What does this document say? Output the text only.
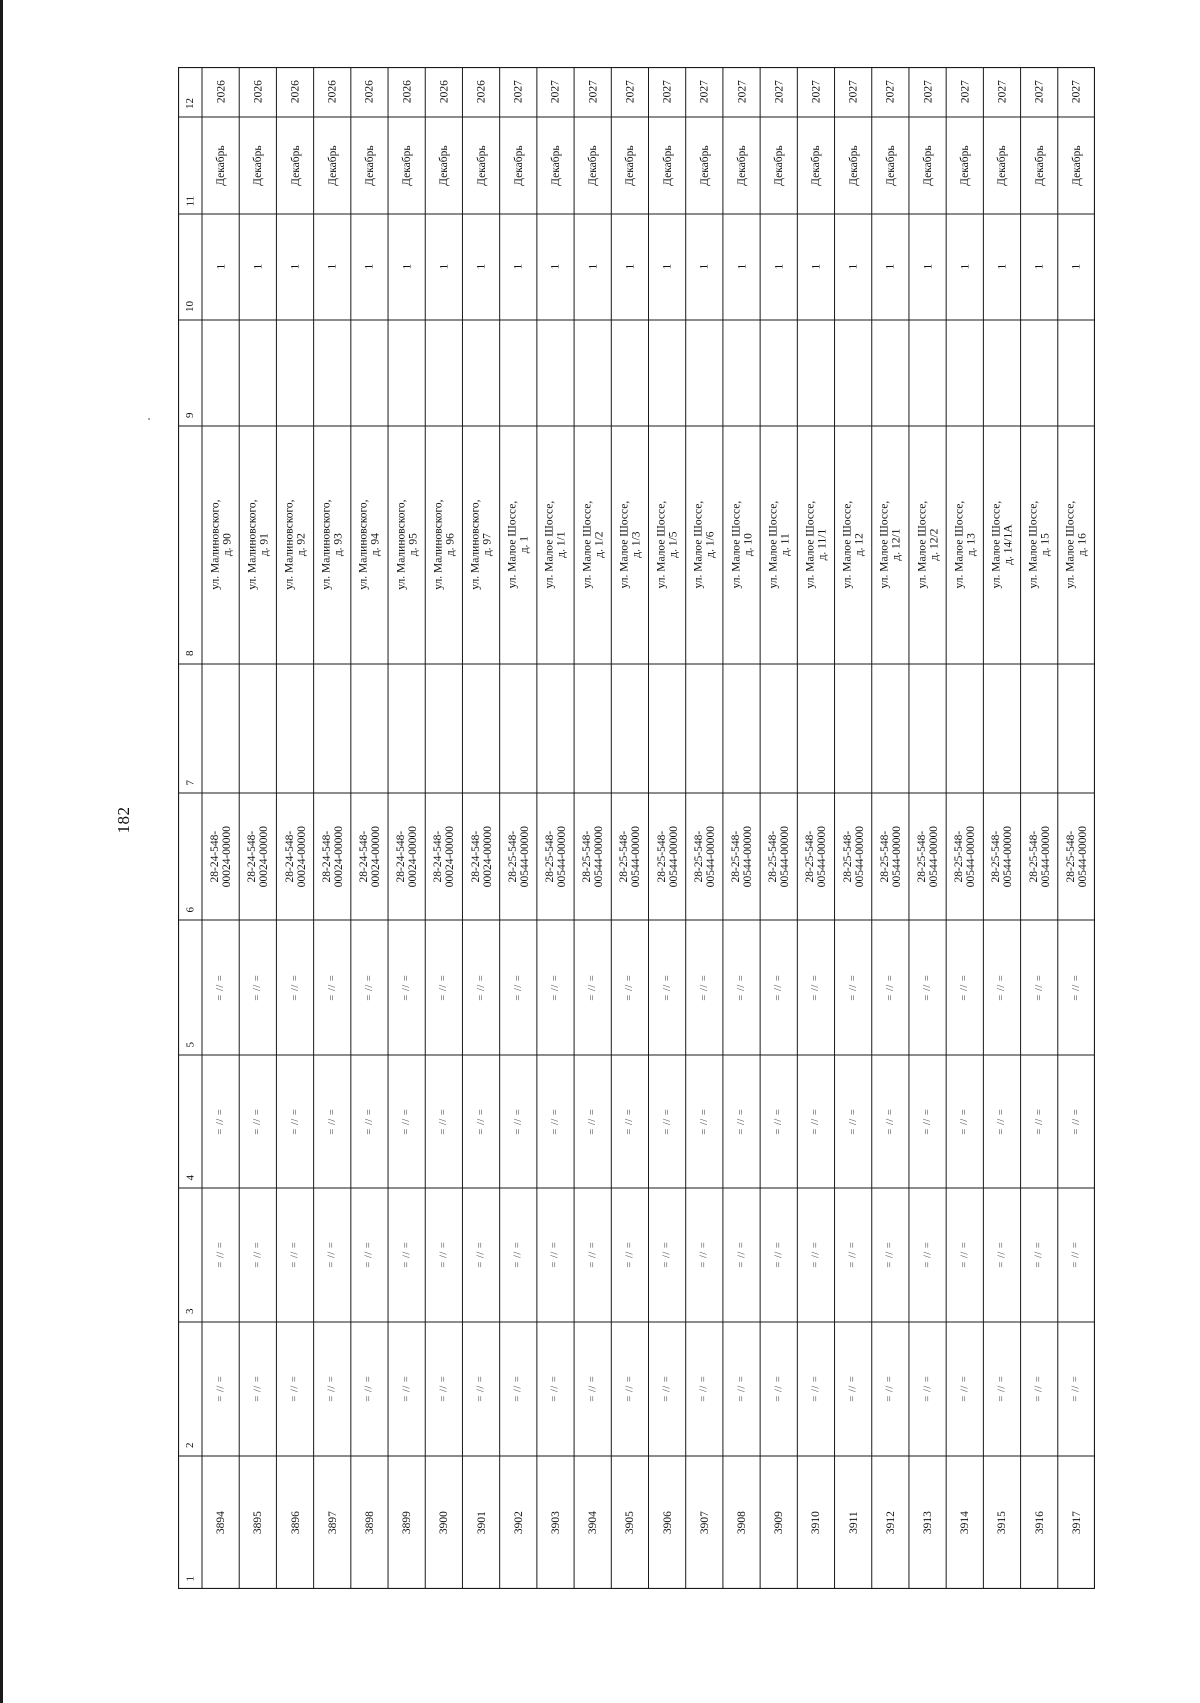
182
1
2
3
4
5
6
7
8
9
10
11
12
3894
= // =
= // =
= // =
= // =
28-24-548-
00024-00000
ул. Малиновского,
д. 90
1
Декабрь
2026
3895
= // =
= // =
= // =
= // =
28-24-548-
00024-00000
ул. Малиновского,
д. 91
1
Декабрь
2026
3896
= // =
= // =
= // =
= // =
28-24-548-
00024-00000
ул. Малиновского,
д. 92
1
Декабрь
2026
3897
= // =
= // =
= // =
= // =
28-24-548-
00024-00000
ул. Малиновского,
д. 93
1
Декабрь
2026
3898
= // =
= // =
= // =
= // =
28-24-548-
00024-00000
ул. Малиновского,
д. 94
1
Декабрь
2026
3899
= // =
= // =
= // =
= // =
28-24-548-
00024-00000
ул. Малиновского,
д. 95
1
Декабрь
2026
3900
= // =
= // =
= // =
= // =
28-24-548-
00024-00000
ул. Малиновского,
д. 96
1
Декабрь
2026
3901
= // =
= // =
= // =
= // =
28-24-548-
00024-00000
ул. Малиновского,
д. 97
1
Декабрь
2026
3902
= // =
= // =
= // =
= // =
28-25-548-
00544-00000
ул. Малое Шоссе,
д. 1
1
Декабрь
2027
3903
= // =
= // =
= // =
= // =
28-25-548-
00544-00000
ул. Малое Шоссе,
д. 1/1
1
Декабрь
2027
3904
= // =
= // =
= // =
= // =
28-25-548-
00544-00000
ул. Малое Шоссе,
д. 1/2
1
Декабрь
2027
3905
= // =
= // =
= // =
= // =
28-25-548-
00544-00000
ул. Малое Шоссе,
д. 1/3
1
Декабрь
2027
3906
= // =
= // =
= // =
= // =
28-25-548-
00544-00000
ул. Малое Шоссе,
д. 1/5
1
Декабрь
2027
3907
= // =
= // =
= // =
= // =
28-25-548-
00544-00000
ул. Малое Шоссе,
д. 1/6
1
Декабрь
2027
3908
= // =
= // =
= // =
= // =
28-25-548-
00544-00000
ул. Малое Шоссе,
д. 10
1
Декабрь
2027
3909
= // =
= // =
= // =
= // =
28-25-548-
00544-00000
ул. Малое Шоссе,
д. 11
1
Декабрь
2027
3910
= // =
= // =
= // =
= // =
28-25-548-
00544-00000
ул. Малое Шоссе,
д. 11/1
1
Декабрь
2027
3911
= // =
= // =
= // =
= // =
28-25-548-
00544-00000
ул. Малое Шоссе,
д. 12
1
Декабрь
2027
3912
= // =
= // =
= // =
= // =
28-25-548-
00544-00000
ул. Малое Шоссе,
д. 12/1
1
Декабрь
2027
3913
= // =
= // =
= // =
= // =
28-25-548-
00544-00000
ул. Малое Шоссе,
д. 12/2
1
Декабрь
2027
3914
= // =
= // =
= // =
= // =
28-25-548-
00544-00000
ул. Малое Шоссе,
д. 13
1
Декабрь
2027
3915
= // =
= // =
= // =
= // =
28-25-548-
00544-00000
ул. Малое Шоссе,
д. 14/1А
1
Декабрь
2027
3916
= // =
= // =
= // =
= // =
28-25-548-
00544-00000
ул. Малое Шоссе,
д. 15
1
Декабрь
2027
3917
= // =
= // =
= // =
= // =
28-25-548-
00544-00000
ул. Малое Шоссе,
д. 16
1
Декабрь
2027
